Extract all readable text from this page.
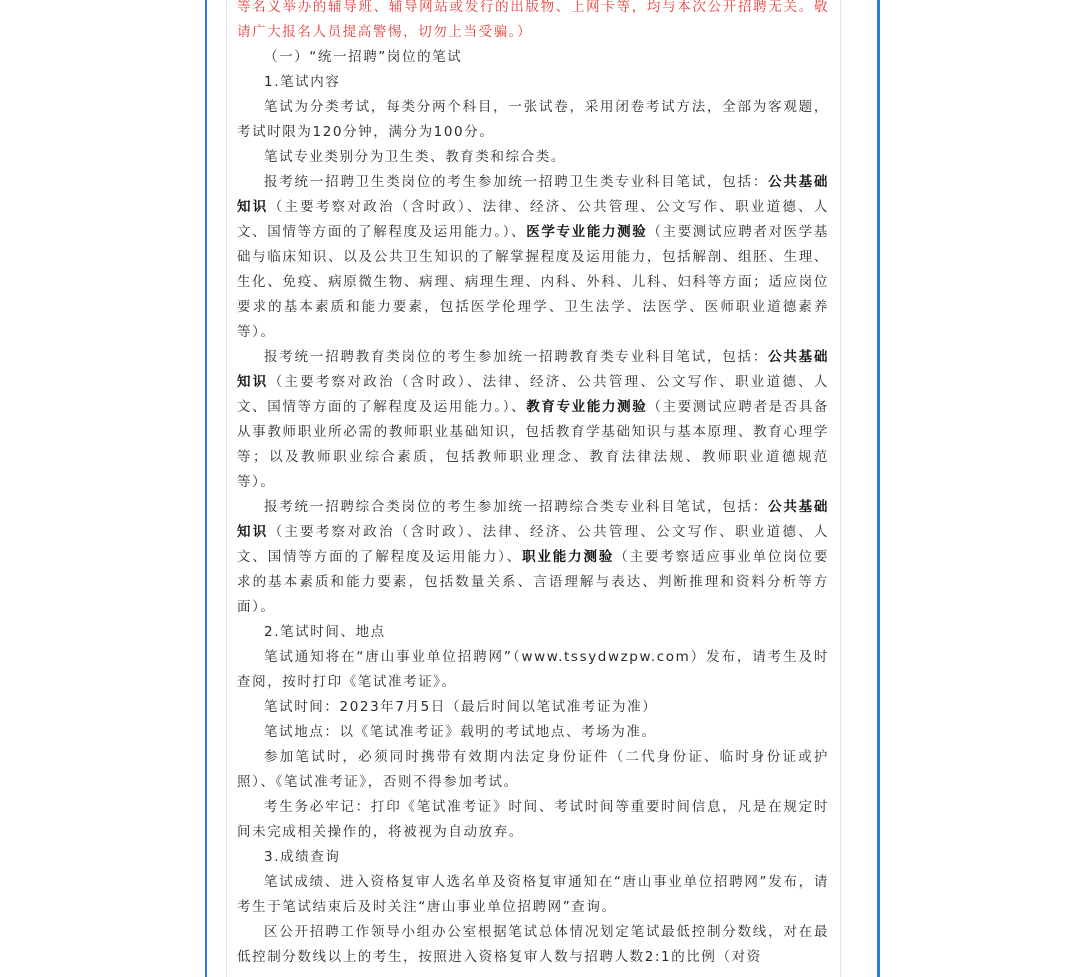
等名义举办的辅导班、辅导网站或发行的出版物、上网卡等，均与本次公开招聘无关。敬请广大报名人员提高警惕，切勿上当受骗。）

（一）“统一招聘”岗位的笔试

1.笔试内容

笔试为分类考试，每类分两个科目，一张试卷，采用闭卷考试方法，全部为客观题，考试时限为120分钟，满分为100分。

笔试专业类别分为卫生类、教育类和综合类。

报考统一招聘卫生类岗位的考生参加统一招聘卫生类专业科目笔试，包括：公共基础知识（主要考察对政治（含时政）、法律、经济、公共管理、公文写作、职业道德、人文、国情等方面的了解程度及运用能力。）、医学专业能力测验（主要测试应聘者对医学基础与临床知识、以及公共卫生知识的了解掌握程度及运用能力，包括解剖、组胚、生理、生化、免疫、病原微生物、病理、病理生理、内科、外科、儿科、妇科等方面；适应岗位要求的基本素质和能力要素，包括医学伦理学、卫生法学、法医学、医师职业道德素养等）。

报考统一招聘教育类岗位的考生参加统一招聘教育类专业科目笔试，包括：公共基础知识（主要考察对政治（含时政）、法律、经济、公共管理、公文写作、职业道德、人文、国情等方面的了解程度及运用能力。）、教育专业能力测验（主要测试应聘者是否具备从事教师职业所必需的教师职业基础知识，包括教育学基础知识与基本原理、教育心理学等；以及教师职业综合素质，包括教师职业理念、教育法律法规、教师职业道德规范等）。

报考统一招聘综合类岗位的考生参加统一招聘综合类专业科目笔试，包括：公共基础知识（主要考察对政治（含时政）、法律、经济、公共管理、公文写作、职业道德、人文、国情等方面的了解程度及运用能力）、职业能力测验（主要考察适应事业单位岗位要求的基本素质和能力要素，包括数量关系、言语理解与表达、判断推理和资料分析等方面）。

2.笔试时间、地点

笔试通知将在“唐山事业单位招聘网”（www.tssydwzpw.com）发布，请考生及时查阅，按时打印《笔试准考证》。

笔试时间：2023年7月5日（最后时间以笔试准考证为准）

笔试地点：以《笔试准考证》载明的考试地点、考场为准。

参加笔试时，必须同时携带有效期内法定身份证件（二代身份证、临时身份证或护照）、《笔试准考证》，否则不得参加考试。

考生务必牢记：打印《笔试准考证》时间、考试时间等重要时间信息，凡是在规定时间未完成相关操作的，将被视为自动放弃。

3.成绩查询

笔试成绩、进入资格复审人选名单及资格复审通知在“唐山事业单位招聘网”发布，请考生于笔试结束后及时关注“唐山事业单位招聘网”查询。

区公开招聘工作领导小组办公室根据笔试总体情况划定笔试最低控制分数线，对在最低控制分数线以上的考生，按照进入资格复审人数与招聘人数2:1的比例（对资
